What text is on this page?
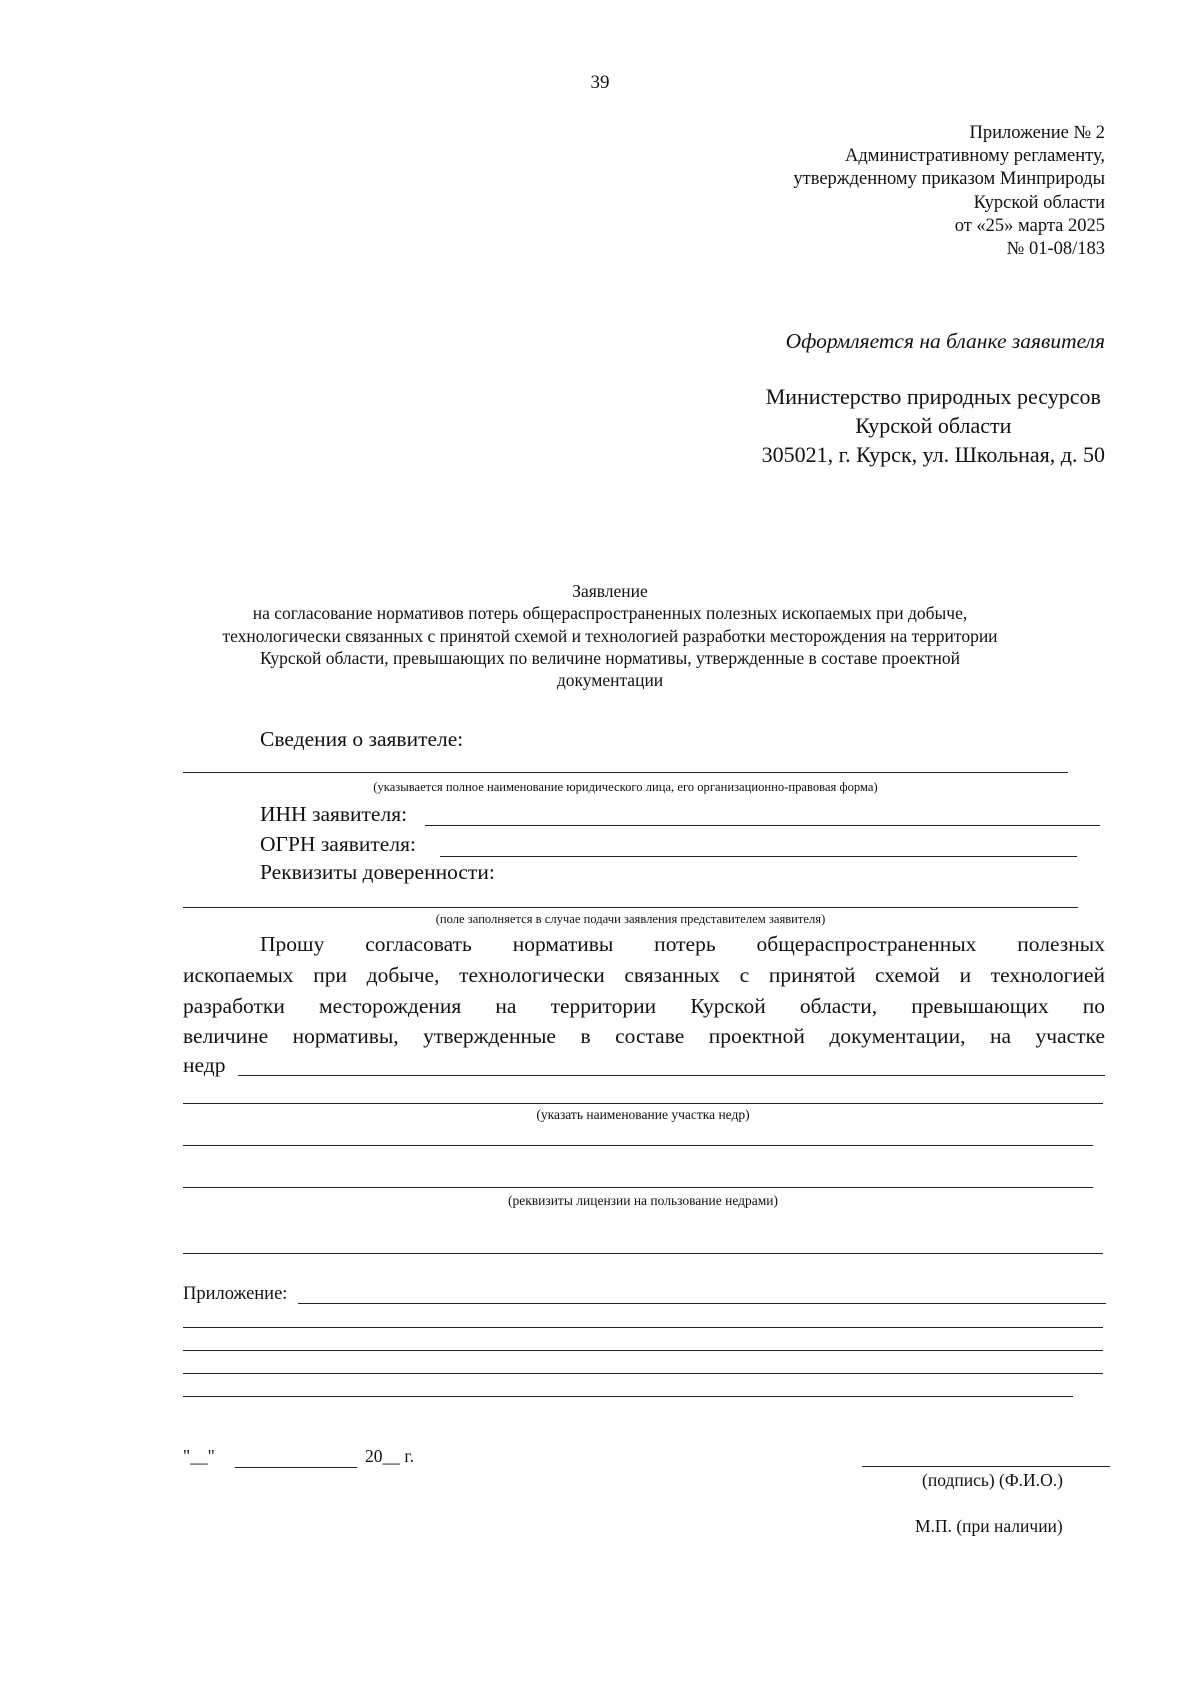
39
Приложение № 2
Административному регламенту,
утвержденному приказом Минприроды
Курской области
от «25» марта 2025
№ 01-08/183
Оформляется на бланке заявителя
Министерство природных ресурсов
Курской области
305021, г. Курск, ул. Школьная, д. 50
Заявление
на согласование нормативов потерь общераспространенных полезных ископаемых при добыче,
технологически связанных с принятой схемой и технологией разработки месторождения на территории
Курской области, превышающих по величине нормативы, утвержденные в составе проектной
документации
Сведения о заявителе:
(указывается полное наименование юридического лица, его организационно-правовая форма)
ИНН заявителя:
ОГРН заявителя:
Реквизиты доверенности:
(поле заполняется в случае подачи заявления представителем заявителя)
Прошу согласовать нормативы потерь общераспространенных полезных
ископаемых при добыче, технологически связанных с принятой схемой и технологией
разработки месторождения на территории Курской области, превышающих по
величине нормативы, утвержденные в составе проектной документации, на участке
недр
(указать наименование участка недр)
(реквизиты лицензии на пользование недрами)
Приложение:
"__"	20__ г.
(подпись) (Ф.И.О.)
М.П. (при наличии)
